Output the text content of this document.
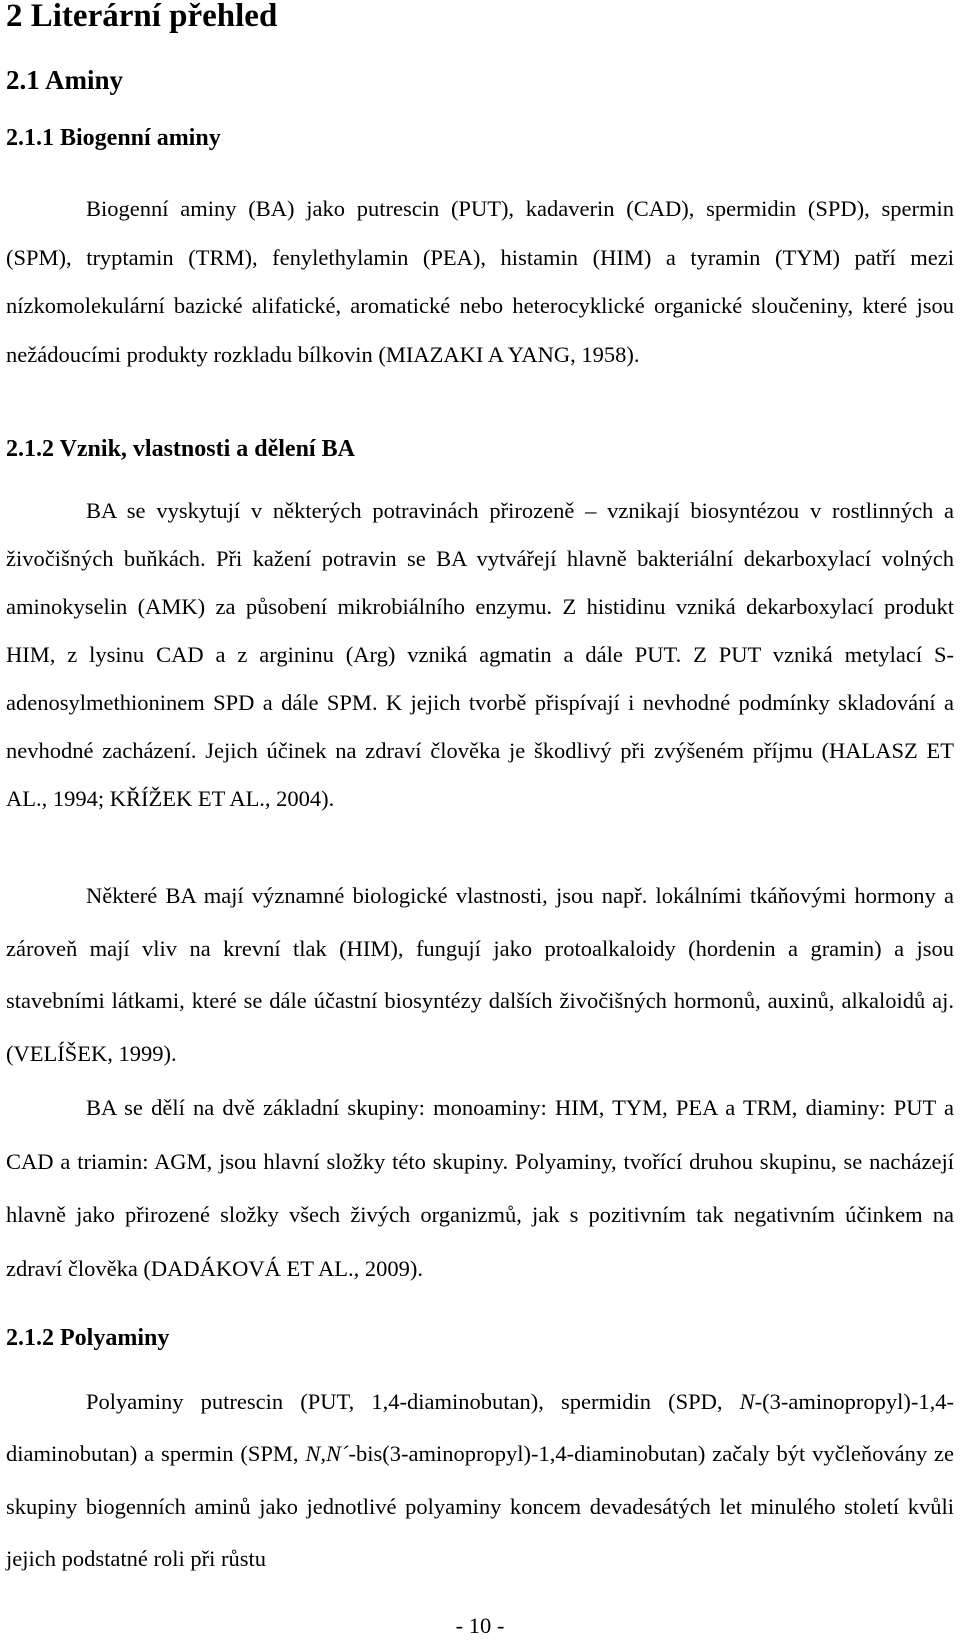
2 Literární přehled
2.1 Aminy
2.1.1 Biogenní aminy

Biogenní aminy (BA) jako putrescin (PUT), kadaverin (CAD), spermidin (SPD), spermin (SPM), tryptamin (TRM), fenylethylamin (PEA), histamin (HIM) a tyramin (TYM) patří mezi nízkomolekulární bazické alifatické, aromatické nebo heterocyklické organické sloučeniny, které jsou nežádoucími produkty rozkladu bílkovin (MIAZAKI A YANG, 1958).

2.1.2 Vznik, vlastnosti a dělení BA

BA se vyskytují v některých potravinách přirozeně – vznikají biosyntézou v rostlinných a živočišných buňkách. Při kažení potravin se BA vytvářejí hlavně bakteriální dekarboxylací volných aminokyselin (AMK) za působení mikrobiálního enzymu. Z histidinu vzniká dekarboxylací produkt HIM, z lysinu CAD a z argininu (Arg) vzniká agmatin a dále PUT. Z PUT vzniká metylací S- adenosylmethioninem SPD a dále SPM. K jejich tvorbě přispívají i nevhodné podmínky skladování a nevhodné zacházení. Jejich účinek na zdraví člověka je škodlivý při zvýšeném příjmu (HALASZ ET AL., 1994; KŘÍŽEK ET AL., 2004).

Některé BA mají významné biologické vlastnosti, jsou např. lokálními tkáňovými hormony a zároveň mají vliv na krevní tlak (HIM), fungují jako protoalkaloidy (hordenin a gramin) a jsou stavebními látkami, které se dále účastní biosyntézy dalších živočišných hormonů, auxinů, alkaloidů aj. (VELÍŠEK, 1999).

BA se dělí na dvě základní skupiny: monoaminy: HIM, TYM, PEA a TRM, diaminy: PUT a CAD a triamin: AGM, jsou hlavní složky této skupiny. Polyaminy, tvořící druhou skupinu, se nacházejí hlavně jako přirozené složky všech živých organizmů, jak s pozitivním tak negativním účinkem na zdraví člověka (DADÁKOVÁ ET AL., 2009).

2.1.2 Polyaminy

Polyaminy putrescin (PUT, 1,4-diaminobutan), spermidin (SPD, N-(3-aminopropyl)-1,4-diaminobutan) a spermin (SPM, N,N´-bis(3-aminopropyl)-1,4-diaminobutan) začaly být vyčleňovány ze skupiny biogenních aminů jako jednotlivé polyaminy koncem devadesátých let minulého století kvůli jejich podstatné roli při růstu

- 10 -
